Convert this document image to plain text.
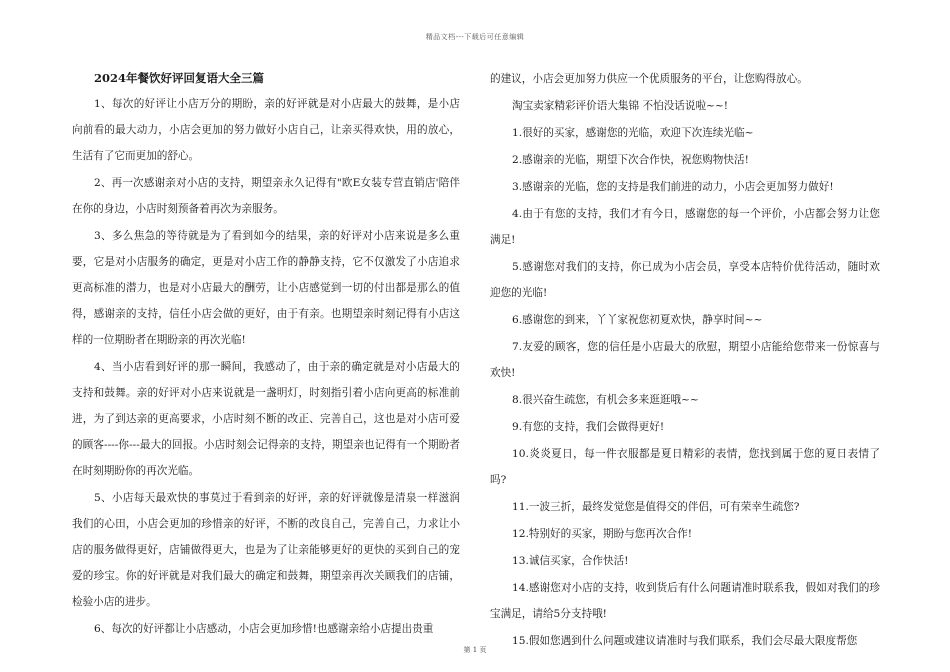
精品文档---下载后可任意编辑

2024年餐饮好评回复语大全三篇

1、每次的好评让小店万分的期盼，亲的好评就是对小店最大的鼓舞，是小店向前看的最大动力，小店会更加的努力做好小店自己，让亲买得欢快，用的放心，生活有了它而更加的舒心。

2、再一次感谢亲对小店的支持，期望亲永久记得有"欧E女装专营直销店'陪伴在你的身边，小店时刻预备着再次为亲服务。

3、多么焦急的等待就是为了看到如今的结果，亲的好评对小店来说是多么重要，它是对小店服务的确定，更是对小店工作的静静支持，它不仅激发了小店追求更高标准的潜力，也是对小店最大的酬劳，让小店感觉到一切的付出都是那么的值得，感谢亲的支持，信任小店会做的更好，由于有亲。也期望亲时刻记得有小店这样的一位期盼者在期盼亲的再次光临!

4、当小店看到好评的那一瞬间，我感动了，由于亲的确定就是对小店最大的支持和鼓舞。亲的好评对小店来说就是一盏明灯，时刻指引着小店向更高的标准前进，为了到达亲的更高要求，小店时刻不断的改正、完善自己，这也是对小店可爱的顾客----你---最大的回报。小店时刻会记得亲的支持，期望亲也记得有一个期盼者在时刻期盼你的再次光临。

5、小店每天最欢快的事莫过于看到亲的好评，亲的好评就像是清泉一样滋润我们的心田，小店会更加的珍惜亲的好评，不断的改良自己，完善自己，力求让小店的服务做得更好，店铺做得更大，也是为了让亲能够更好的更快的买到自己的宠爱的珍宝。你的好评就是对我们最大的确定和鼓舞，期望亲再次关顾我们的店铺，检验小店的进步。

6、每次的好评都让小店感动，小店会更加珍惜!也感谢亲给小店提出贵重

的建议，小店会更加努力供应一个优质服务的平台，让您购得放心。

淘宝卖家精彩评价语大集锦 不怕没话说啦~~!

1.很好的买家，感谢您的光临，欢迎下次连续光临~

2.感谢亲的光临，期望下次合作快，祝您购物快活!

3.感谢亲的光临，您的支持是我们前进的动力，小店会更加努力做好!

4.由于有您的支持，我们才有今日，感谢您的每一个评价，小店都会努力让您满足!

5.感谢您对我们的支持，你已成为小店会员，享受本店特价优待活动，随时欢迎您的光临!

6.感谢您的到来，丫丫家祝您初夏欢快，静享时间~~

7.友爱的顾客，您的信任是小店最大的欣慰，期望小店能给您带来一份惊喜与欢快!

8.很兴奋生疏您，有机会多来逛逛哦~~

9.有您的支持，我们会做得更好!

10.炎炎夏日，每一件衣服都是夏日精彩的表情，您找到属于您的夏日表情了吗?

11.一波三折，最终发觉您是值得交的伴侣，可有荣幸生疏您?

12.特别好的买家，期盼与您再次合作!

13.诚信买家，合作快活!

14.感谢您对小店的支持，收到货后有什么问题请准时联系我，假如对我们的珍宝满足，请给5分支持哦!

15.假如您遇到什么问题或建议请准时与我们联系，我们会尽最大限度帮您

第 1 页
